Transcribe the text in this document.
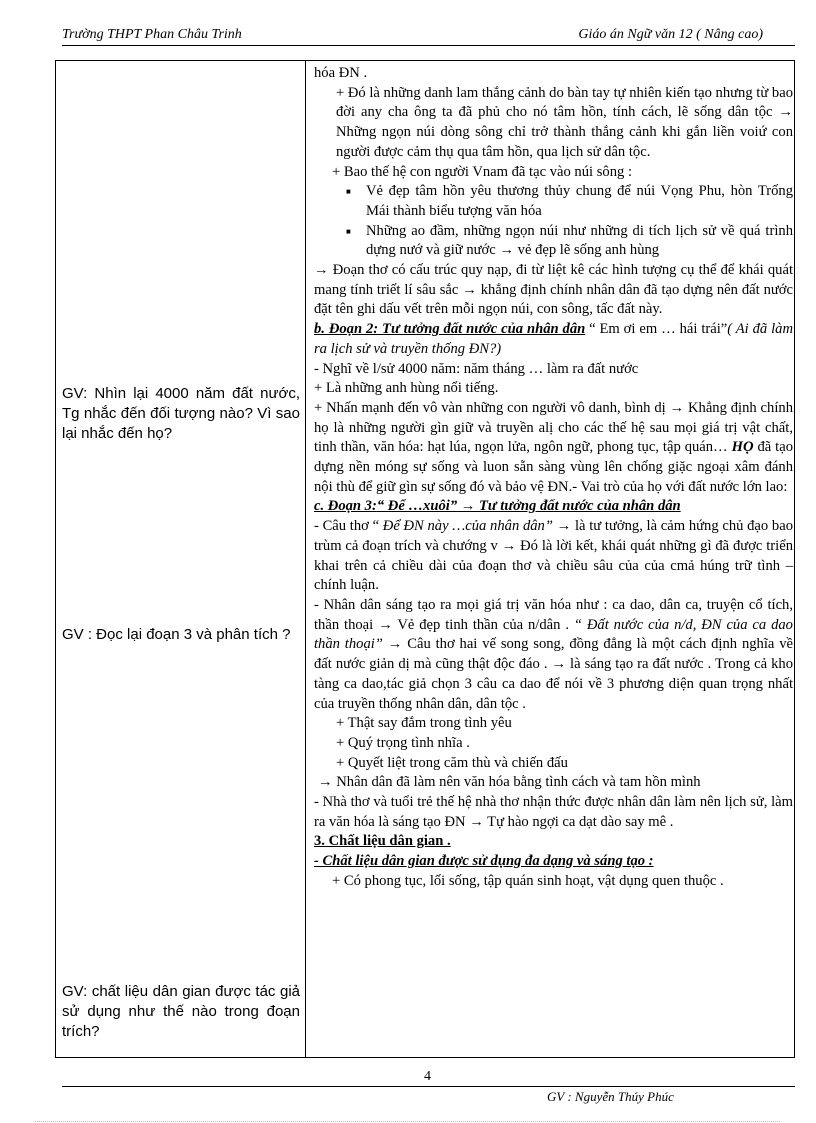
Trường THPT Phan Châu Trinh	Giáo án Ngữ văn 12 ( Nâng cao)
GV: Nhìn lại 4000 năm đất nước, Tg nhắc đến đối tượng nào? Vì sao lại nhắc đến họ?
GV : Đọc lại đoạn 3 và phân tích ?
GV: chất liệu dân gian được tác giả sử dụng như thế nào trong đoạn trích?

hóa ĐN .

+ Đó là những danh lam thắng cảnh do bàn tay tự nhiên kiến tạo nhưng từ bao đời any cha ông ta đã phủ cho nó tâm hồn, tính cách, lẽ sống dân tộc → Những ngọn núi dòng sông chỉ trở thành thắng cảnh khi gắn liền voiứ con người được cảm thụ qua tâm hồn, qua lịch sử dân tộc.

+ Bao thế hệ con người Vnam đã tạc vào núi sông :

■ Vẻ đẹp tâm hồn yêu thương thủy chung để núi Vọng Phu, hòn Trống Mái thành biểu tượng văn hóa

■ Những ao đầm, những ngọn núi như những di tích lịch sử về quá trình dựng nướ và giữ nước → vẻ đẹp lẽ sống anh hùng

→ Đoạn thơ có cấu trúc quy nạp, đi từ liệt kê các hình tượng cụ thể để khái quát mang tính triết lí sâu sắc → khẳng định chính nhân dân đã tạo dựng nên đất nước đặt tên ghi dấu vết trên mỗi ngọn núi, con sông, tấc đất này.

b. Đoạn 2: Tư tưởng đất nước của nhân dân “ Em ơi em … hái trái”( Ai đã làm ra lịch sử và truyền thống ĐN?)

- Nghĩ về l/sử 4000 năm: năm tháng … làm ra đất nước

+ Là những anh hùng nổi tiếng.

+ Nhấn mạnh đến vô vàn những con người vô danh, bình dị → Khẳng định chính họ là những người gìn giữ và truyền alị cho các thế hệ sau mọi giá trị vật chất, tinh thần, văn hóa: hạt lúa, ngọn lửa, ngôn ngữ, phong tục, tập quán… HỌ đã tạo dựng nền móng sự sống và luon sẵn sàng vùng lên chống giặc ngoại xâm đánh nội thù để giữ gìn sự sống đó và bảo vệ ĐN.- Vai trò của họ với đất nước lớn lao:

c. Đoạn 3:“ Để …xuôi” → Tư tưởng đất nước của nhân dân

- Câu thơ “ Để ĐN này …của nhân dân” → là tư tưởng, là cảm hứng chủ đạo bao trùm cả đoạn trích và chướng v → Đó là lời kết, khái quát những gì đã được triển khai trên cả chiều dài của đoạn thơ và chiều sâu của của cmả húng trữ tình – chính luận.

- Nhân dân sáng tạo ra mọi giá trị văn hóa như : ca dao, dân ca, truyện cổ tích, thần thoại → Vẻ đẹp tinh thần của n/dân . “ Đất nước của n/d, ĐN của ca dao thần thoại” → Câu thơ hai vế song song, đồng đẳng là một cách định nghĩa về đất nước giản dị mà cũng thật độc đáo . → là sáng tạo ra đất nước . Trong cả kho tàng ca dao,tác giả chọn 3 câu ca dao để nói về 3 phương diện quan trọng nhất của truyền thống nhân dân, dân tộc .

+ Thật say đắm trong tình yêu

+ Quý trọng tình nhĩa .

+ Quyết liệt trong căm thù và chiến đấu

→ Nhân dân đã làm nên văn hóa bằng tình cách và tam hồn mình

- Nhà thơ và tuổi trẻ thế hệ nhà thơ nhận thức được nhân dân làm nên lịch sử, làm ra văn hóa là sáng tạo ĐN → Tự hào ngợi ca dạt dào say mê .

3. Chất liệu dân gian .

- Chất liệu dân gian được sử dụng đa dạng và sáng tạo :

+ Có phong tục, lối sống, tập quán sinh hoạt, vật dụng quen thuộc .

4
GV : Nguyễn Thúy Phúc
